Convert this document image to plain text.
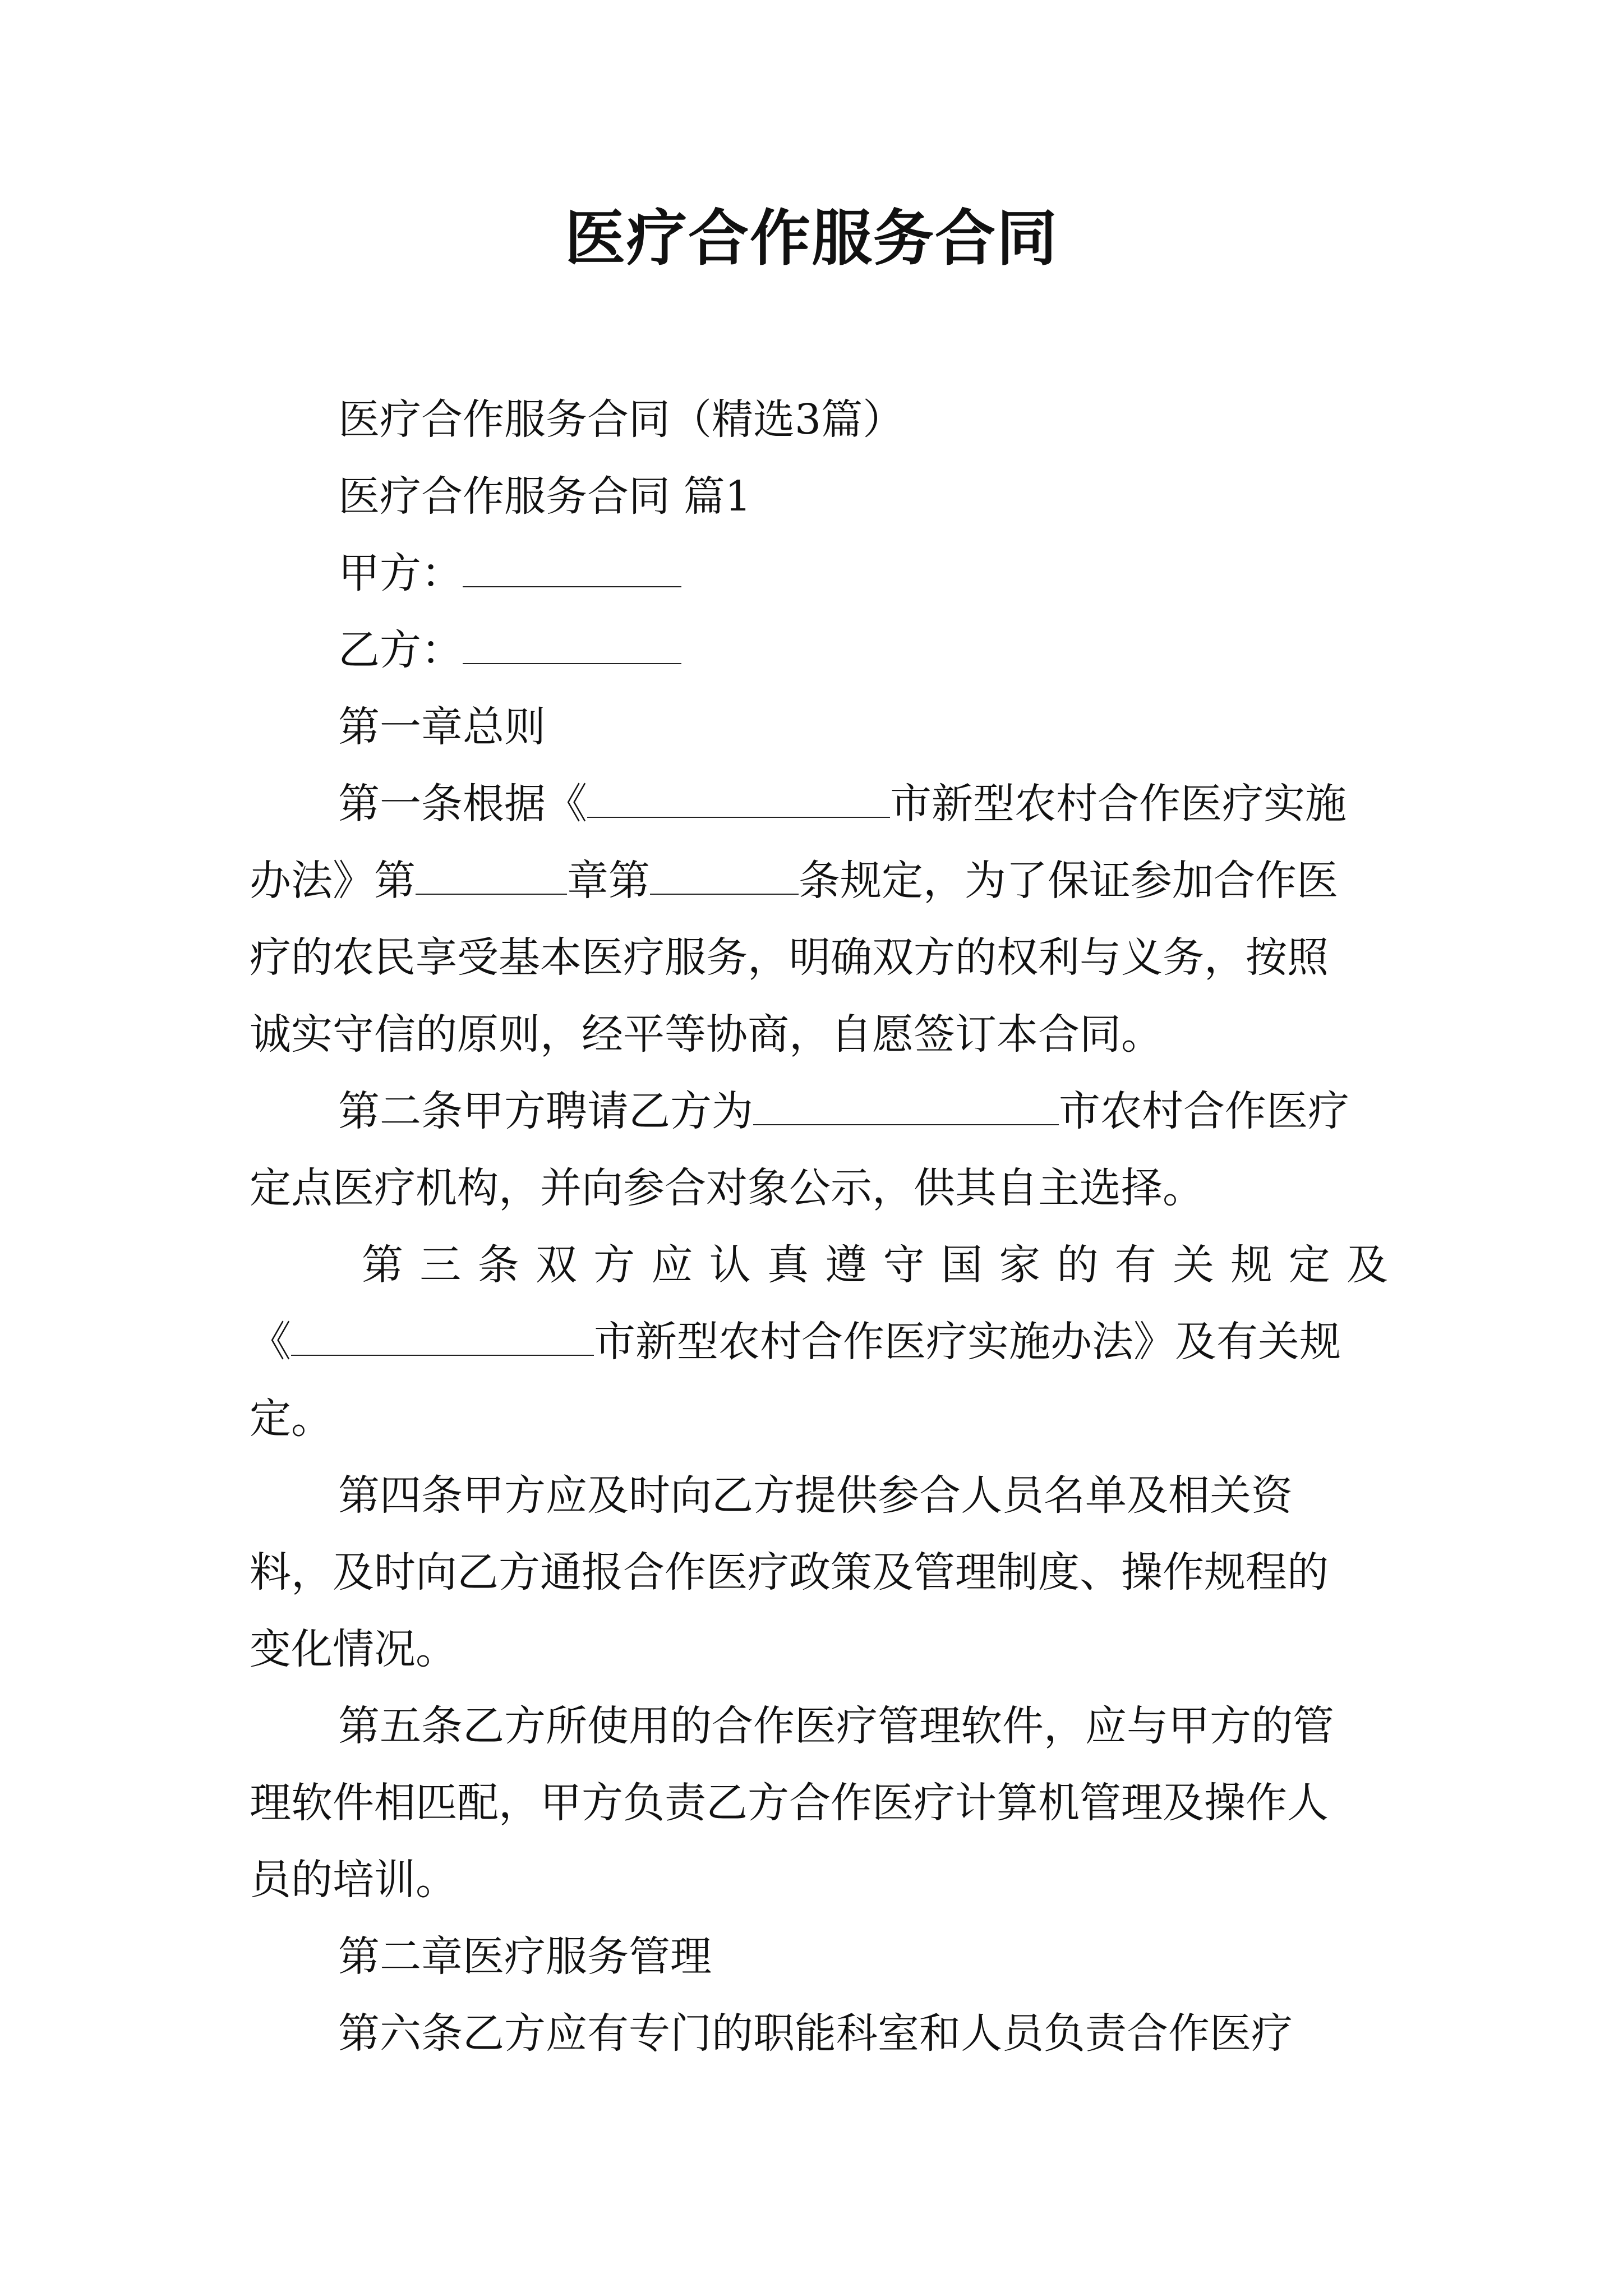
医疗合作服务合同

医疗合作服务合同（精选3篇）

医疗合作服务合同 篇1

甲方：

乙方：

第一章总则

第一条根据《	市新型农村合作医疗实施

办法》第	章第	条规定，为了保证参加合作医

疗的农民享受基本医疗服务，明确双方的权利与义务，按照

诚实守信的原则，经平等协商，自愿签订本合同。

第二条甲方聘请乙方为	市农村合作医疗

定点医疗机构，并向参合对象公示，供其自主选择。

第三条双方应认真遵守国家的有关规定及

《	市新型农村合作医疗实施办法》及有关规

定。

第四条甲方应及时向乙方提供参合人员名单及相关资

料，及时向乙方通报合作医疗政策及管理制度、操作规程的

变化情况。

第五条乙方所使用的合作医疗管理软件，应与甲方的管

理软件相匹配，甲方负责乙方合作医疗计算机管理及操作人

员的培训。

第二章医疗服务管理

第六条乙方应有专门的职能科室和人员负责合作医疗
